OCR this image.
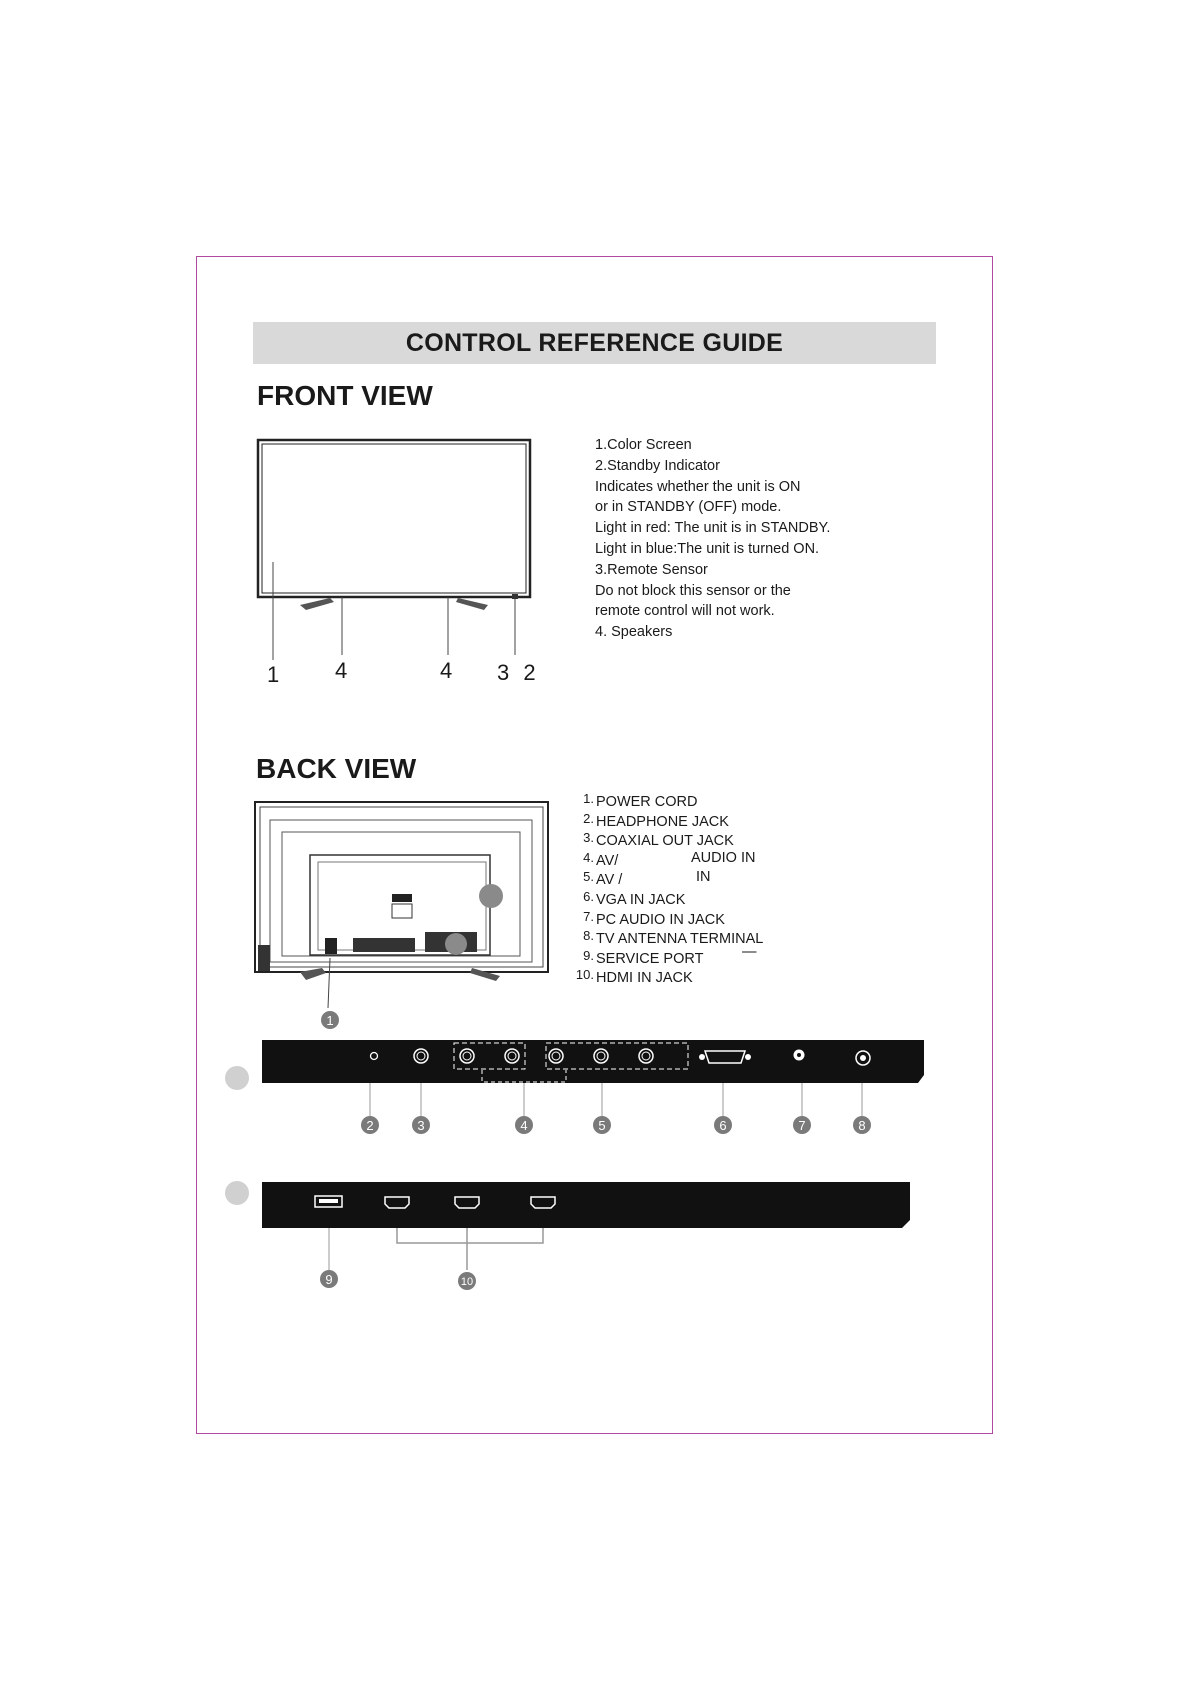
CONTROL REFERENCE GUIDE
FRONT VIEW
1	4	4 3 2
1.Color Screen
2.Standby Indicator
Indicates whether the unit is ON
or in STANDBY (OFF) mode.
Light in red: The unit is in STANDBY.
Light in blue:The unit is turned ON.
3.Remote Sensor
Do not block this sensor or the
remote control will not work.
4. Speakers
BACK VIEW
1
1. POWER CORD
2. HEADPHONE JACK
3. COAXIAL OUT JACK
4. AV/	AUDIO IN
5. AV /	IN
6. VGA IN JACK
7. PC AUDIO IN JACK
8. TV ANTENNA TERMINAL
9. SERVICE PORT	—
10. HDMI IN JACK
2	3	4	5	6	7	8
9	10
